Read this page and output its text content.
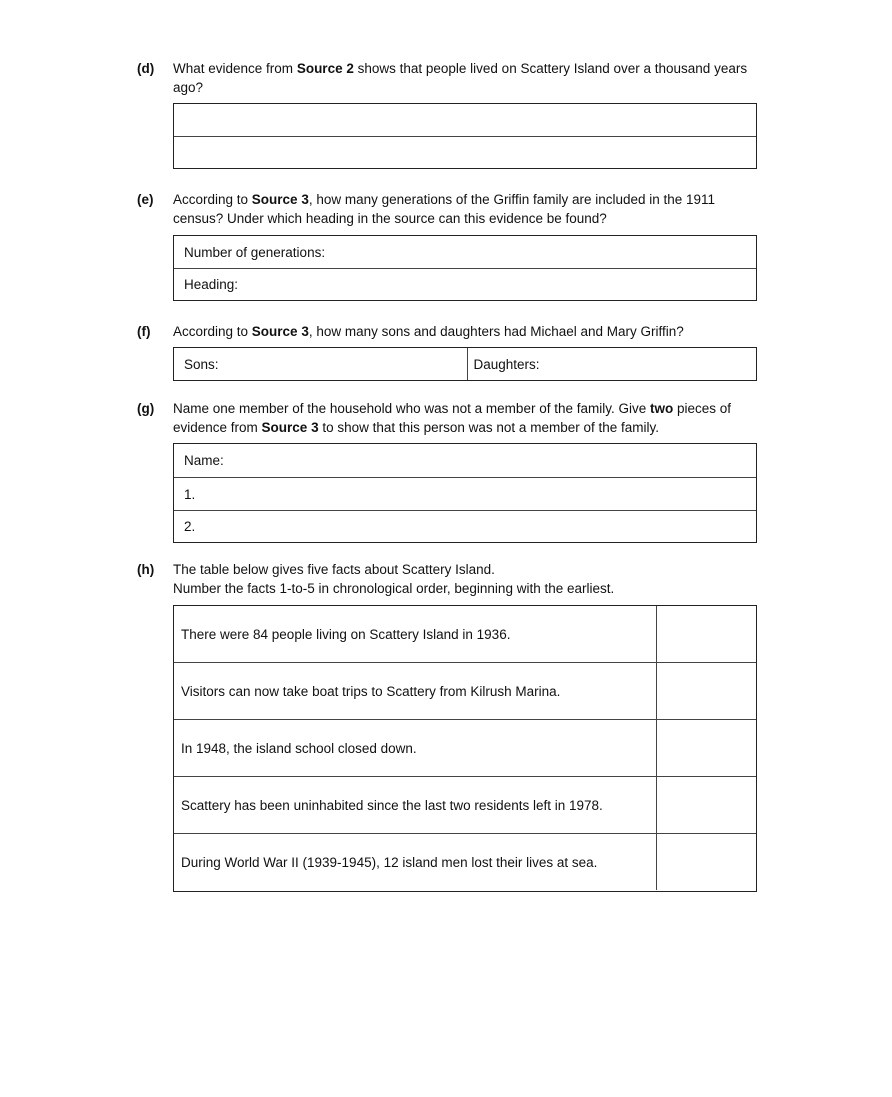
(d)	What evidence from Source 2 shows that people lived on Scattery Island over a thousand years ago?
(e)	According to Source 3, how many generations of the Griffin family are included in the 1911 census? Under which heading in the source can this evidence be found?
Number of generations:
Heading:
(f)	According to Source 3, how many sons and daughters had Michael and Mary Griffin?
Sons:	Daughters:
(g)	Name one member of the household who was not a member of the family. Give two pieces of evidence from Source 3 to show that this person was not a member of the family.
Name:
1.
2.
(h)	The table below gives five facts about Scattery Island.
Number the facts 1-to-5 in chronological order, beginning with the earliest.
There were 84 people living on Scattery Island in 1936.
Visitors can now take boat trips to Scattery from Kilrush Marina.
In 1948, the island school closed down.
Scattery has been uninhabited since the last two residents left in 1978.
During World War II (1939-1945), 12 island men lost their lives at sea.
